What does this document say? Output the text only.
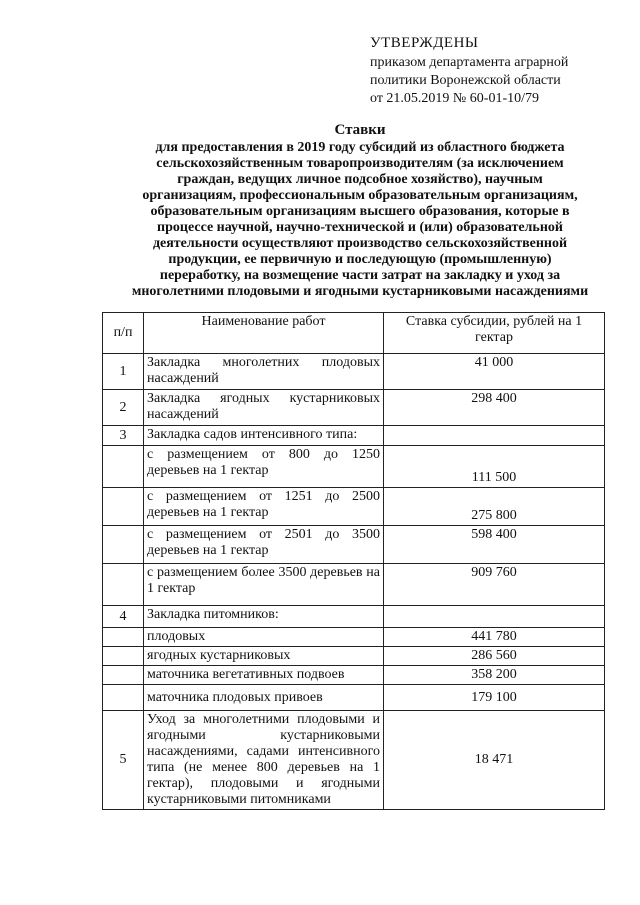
УТВЕРЖДЕНЫ
приказом департамента аграрной
политики Воронежской области
от 21.05.2019 № 60-01-10/79
Ставки
для предоставления в 2019 году субсидий из областного бюджета
сельскохозяйственным товаропроизводителям (за исключением
граждан, ведущих личное подсобное хозяйство), научным
организациям, профессиональным образовательным организациям,
образовательным организациям высшего образования, которые в
процессе научной, научно-технической и (или) образовательной
деятельности осуществляют производство сельскохозяйственной
продукции, ее первичную и последующую (промышленную)
переработку, на возмещение части затрат на закладку и уход за
многолетними плодовыми и ягодными кустарниковыми насаждениями
п/п	Наименование работ	Ставка субсидии, рублей на 1 гектар
1	Закладка многолетних плодовых насаждений	41 000
2	Закладка ягодных кустарниковых насаждений	298 400
3	Закладка садов интенсивного типа:	
	с размещением от 800 до 1250 деревьев на 1 гектар	111 500
	с размещением от 1251 до 2500 деревьев на 1 гектар	275 800
	с размещением от 2501 до 3500 деревьев на 1 гектар	598 400
	с размещением более 3500 деревьев на 1 гектар	909 760
4	Закладка питомников:	
	плодовых	441 780
	ягодных кустарниковых	286 560
	маточника вегетативных подвоев	358 200
	маточника плодовых привоев	179 100
5	Уход за многолетними плодовыми и ягодными кустарниковыми насаждениями, садами интенсивного типа (не менее 800 деревьев на 1 гектар), плодовыми и ягодными кустарниковыми питомниками	18 471
